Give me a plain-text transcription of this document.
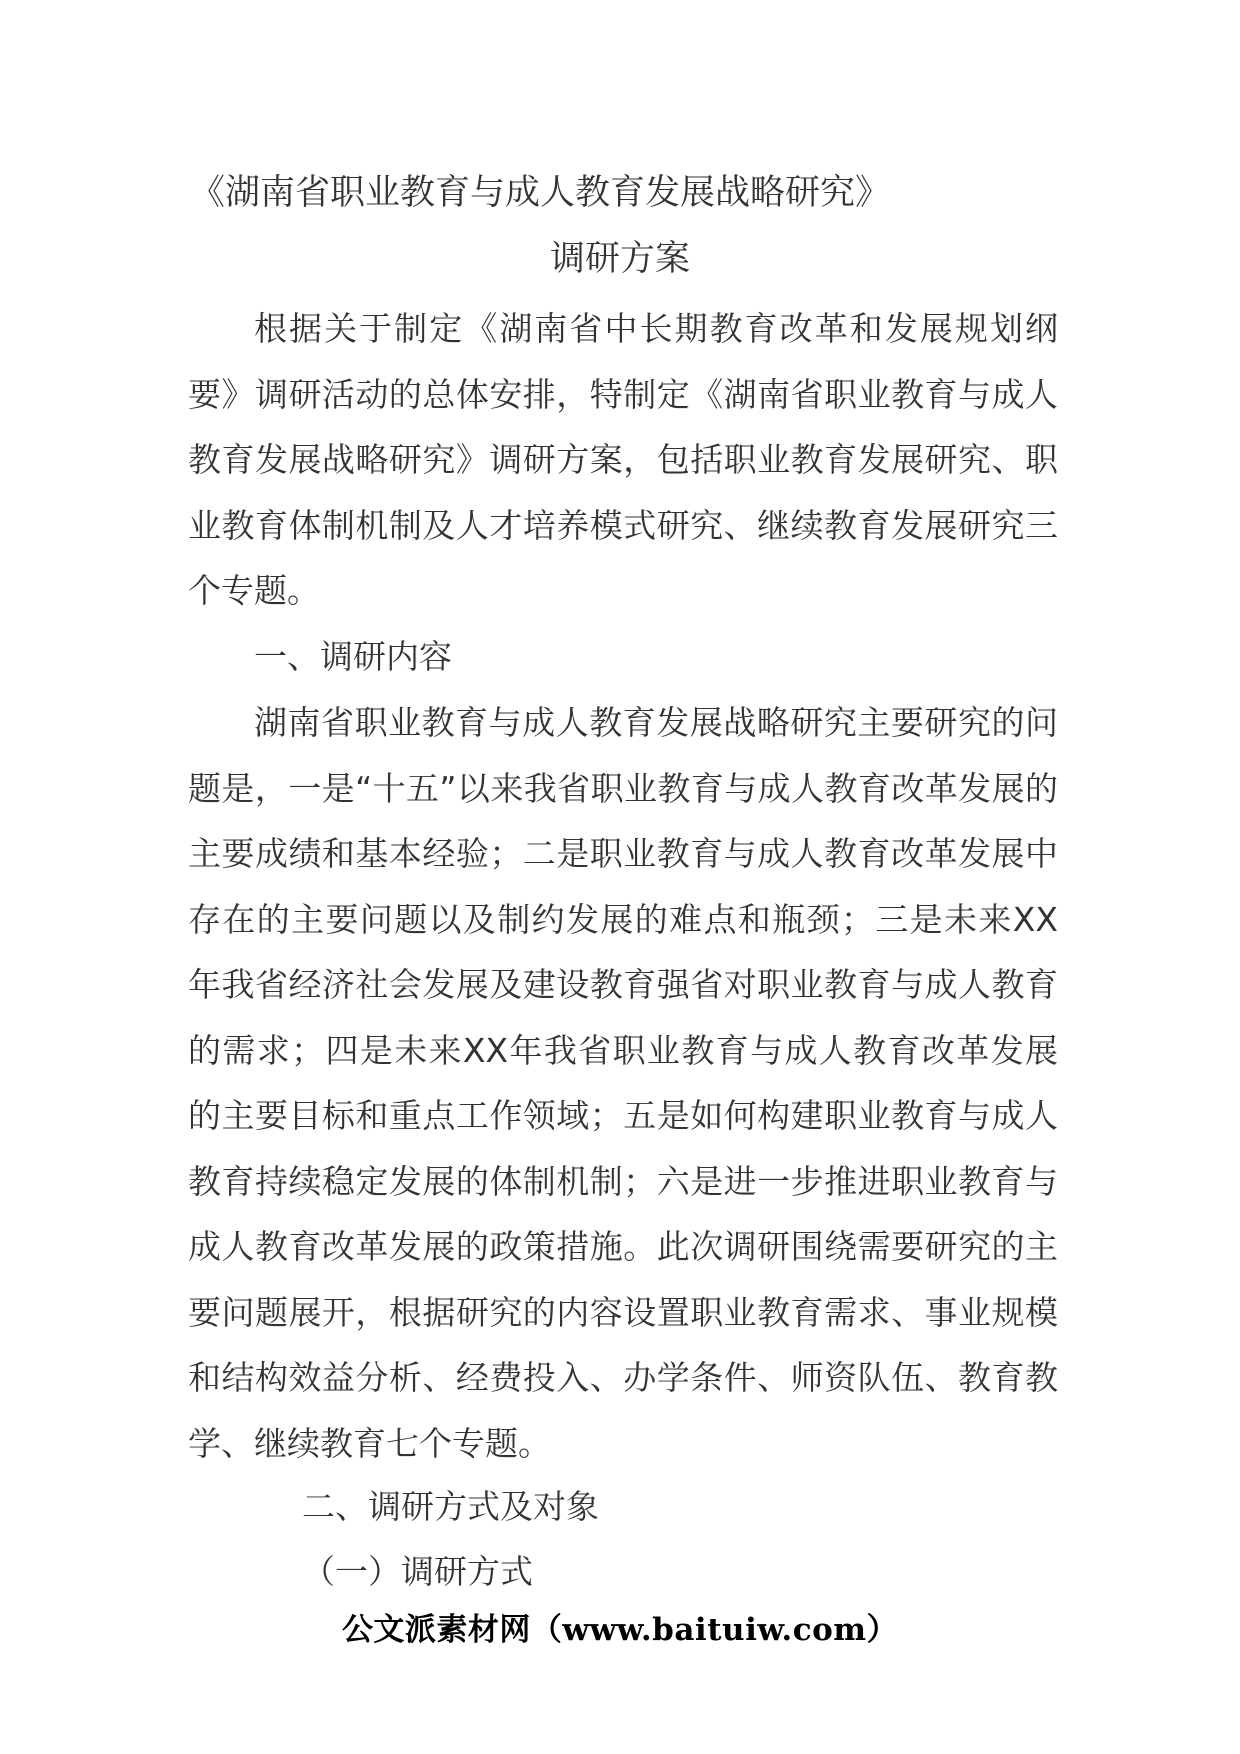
《湖南省职业教育与成人教育发展战略研究》
调研方案

根据关于制定《湖南省中长期教育改革和发展规划纲要》调研活动的总体安排，特制定《湖南省职业教育与成人教育发展战略研究》调研方案，包括职业教育发展研究、职业教育体制机制及人才培养模式研究、继续教育发展研究三个专题。

一、调研内容

湖南省职业教育与成人教育发展战略研究主要研究的问题是，一是“十五”以来我省职业教育与成人教育改革发展的主要成绩和基本经验；二是职业教育与成人教育改革发展中存在的主要问题以及制约发展的难点和瓶颈；三是未来XX年我省经济社会发展及建设教育强省对职业教育与成人教育的需求；四是未来XX年我省职业教育与成人教育改革发展的主要目标和重点工作领域；五是如何构建职业教育与成人教育持续稳定发展的体制机制；六是进一步推进职业教育与成人教育改革发展的政策措施。此次调研围绕需要研究的主要问题展开，根据研究的内容设置职业教育需求、事业规模和结构效益分析、经费投入、办学条件、师资队伍、教育教学、继续教育七个专题。

二、调研方式及对象
（一）调研方式
公文派素材网（www.baituiw.com）
